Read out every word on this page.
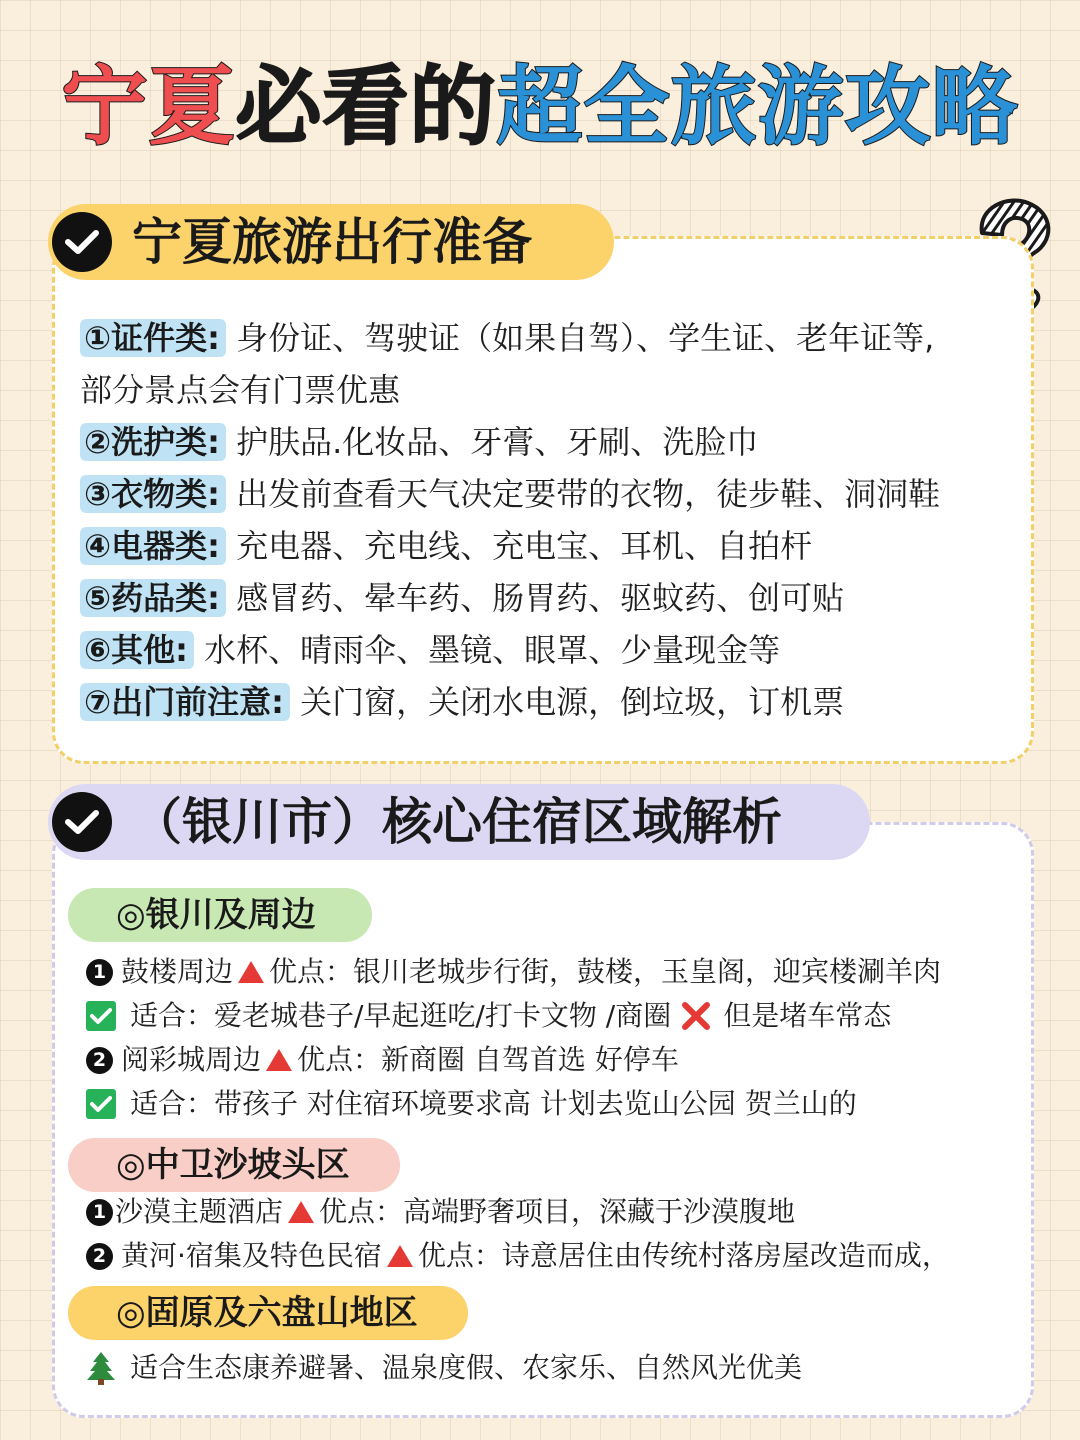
宁夏必看的超全旅游攻略
宁夏旅游出行准备
①证件类: 身份证、驾驶证（如果自驾）、学生证、老年证等,
部分景点会有门票优惠
②洗护类: 护肤品.化妆品、牙膏、牙刷、洗脸巾
③衣物类: 出发前查看天气决定要带的衣物，徒步鞋、洞洞鞋
④电器类: 充电器、充电线、充电宝、耳机、自拍杆
⑤药品类: 感冒药、晕车药、肠胃药、驱蚊药、创可贴
⑥其他: 水杯、晴雨伞、墨镜、眼罩、少量现金等
⑦出门前注意: 关门窗，关闭水电源，倒垃圾，订机票
（银川市）核心住宿区域解析
◎银川及周边
1 鼓楼周边 优点：银川老城步行街，鼓楼，玉皇阁，迎宾楼涮羊肉
适合：爱老城巷子/早起逛吃/打卡文物 /商圈 但是堵车常态
2 阅彩城周边 优点：新商圈 自驾首选 好停车
适合：带孩子 对住宿环境要求高 计划去览山公园 贺兰山的
◎中卫沙坡头区
1 沙漠主题酒店 优点：高端野奢项目，深藏于沙漠腹地
2 黄河·宿集及特色民宿 优点：诗意居住由传统村落房屋改造而成，
◎固原及六盘山地区
适合生态康养避暑、温泉度假、农家乐、自然风光优美
